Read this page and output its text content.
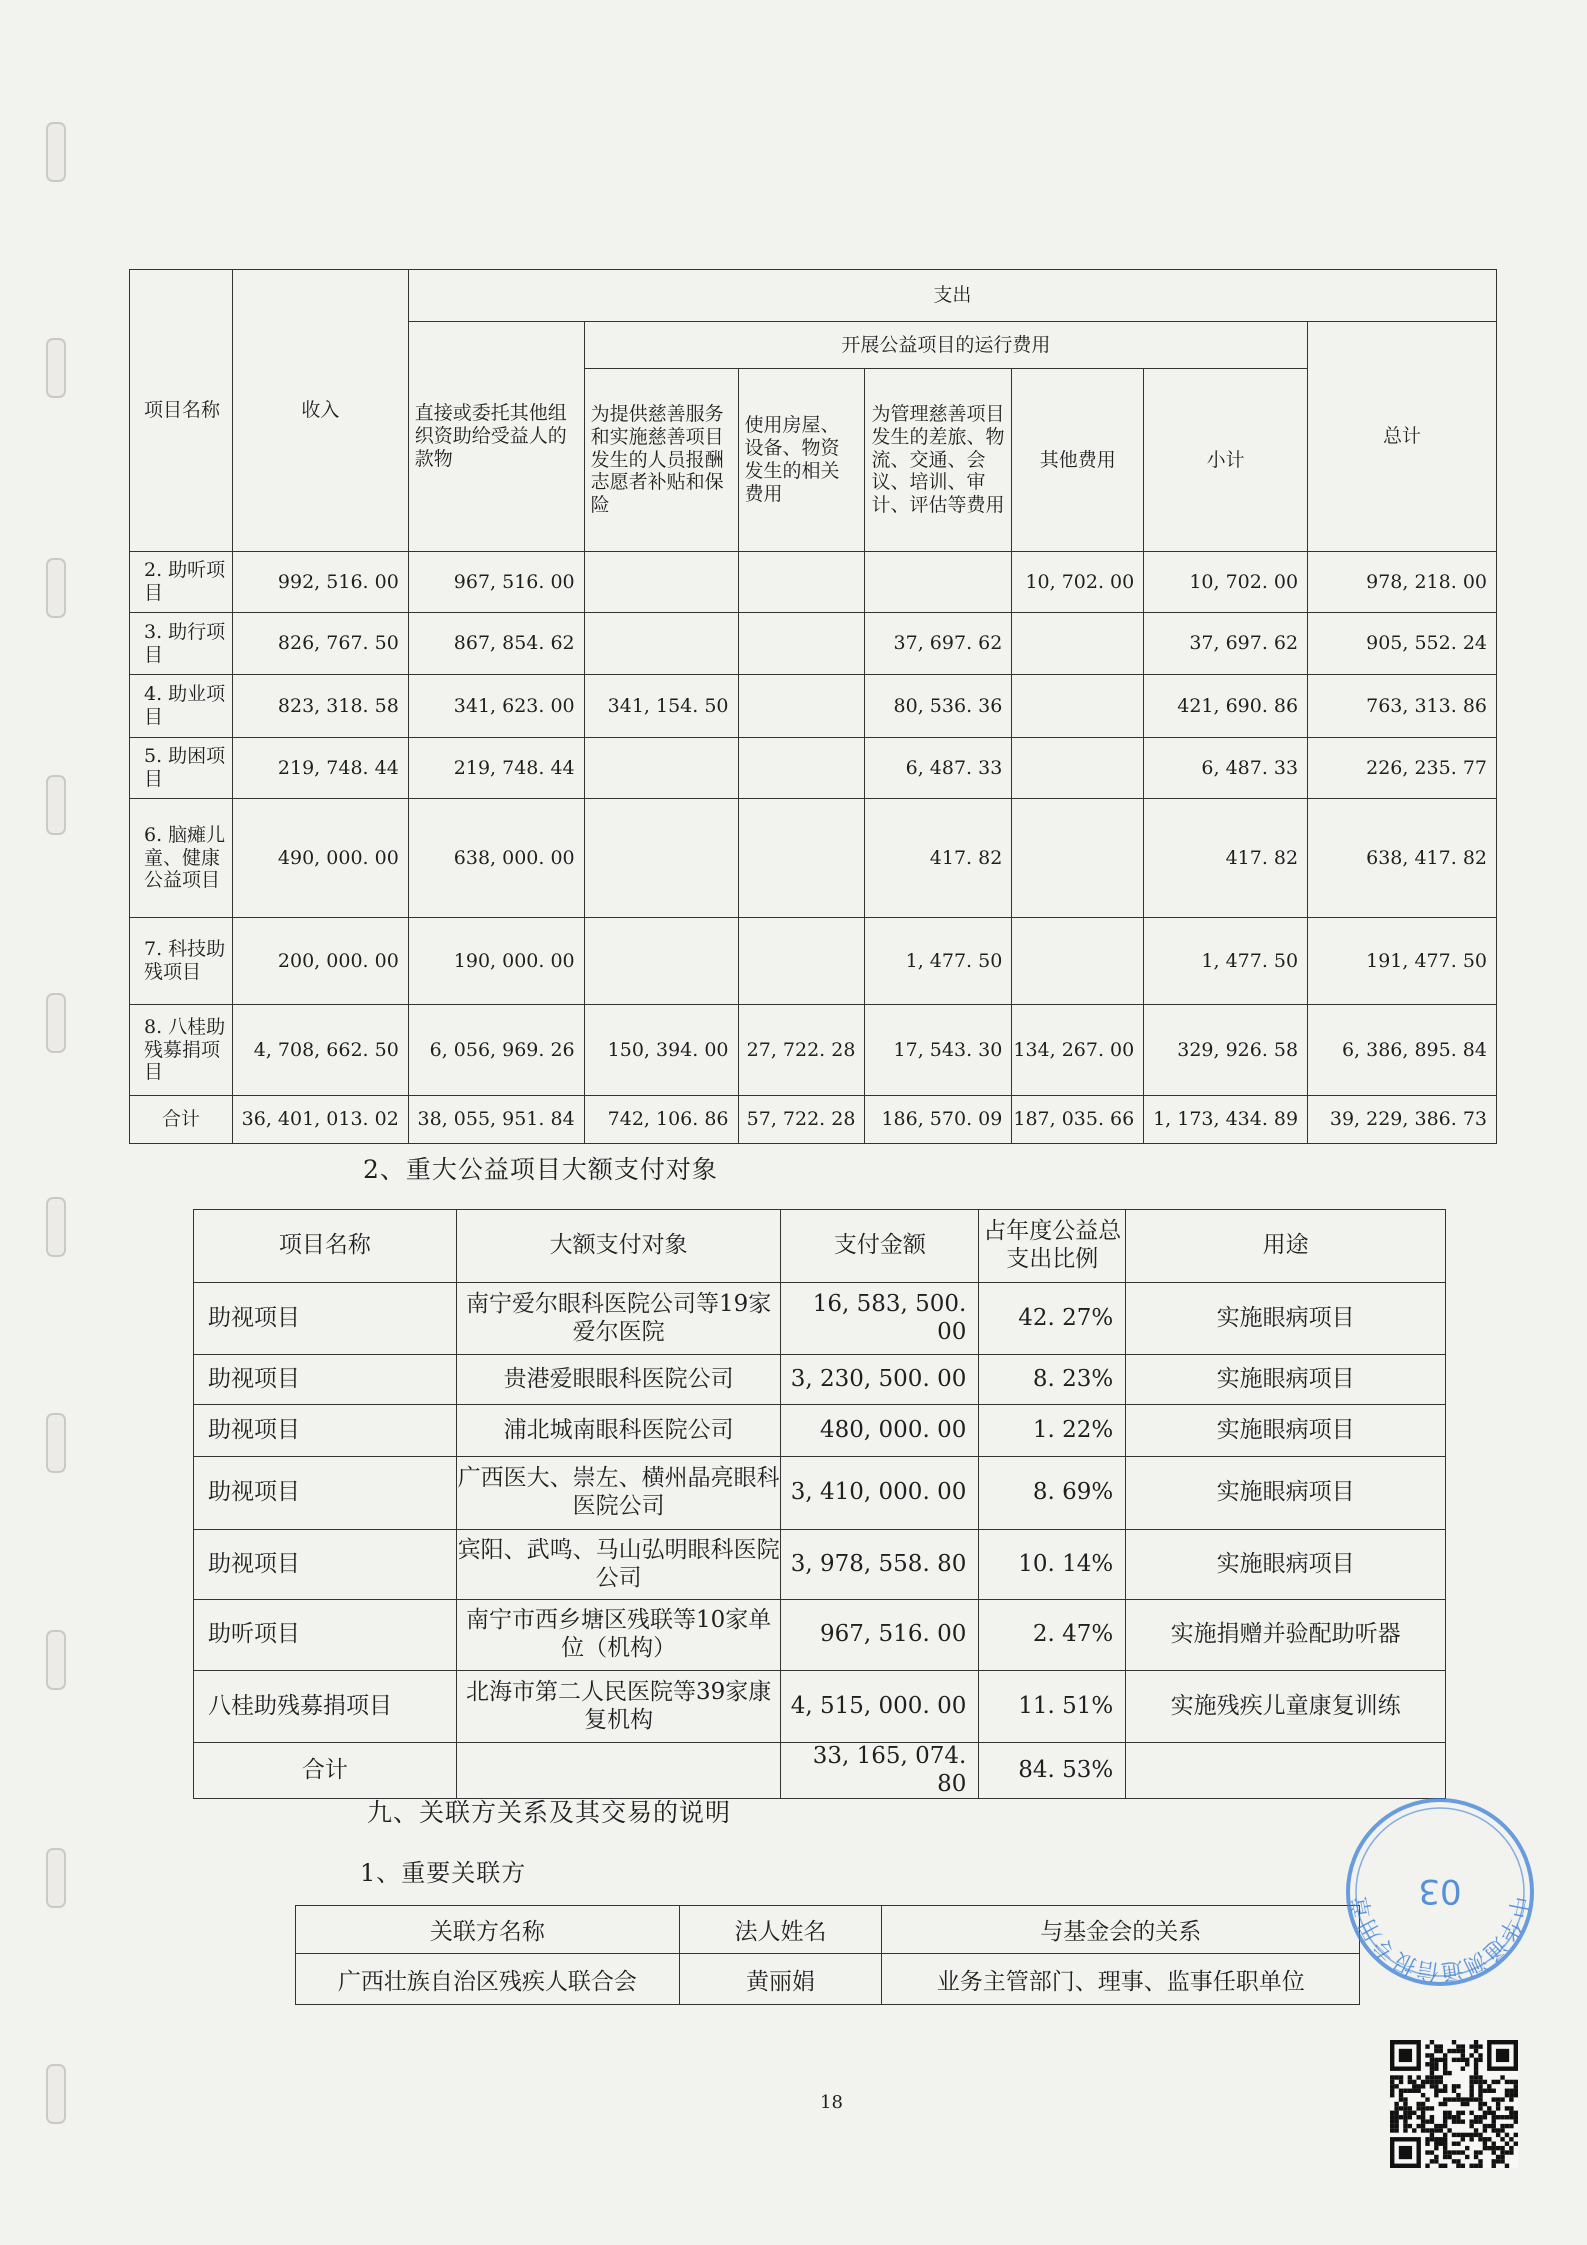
项目名称	收入	支出						
		直接或委托其他组织资助给受益人的款物	开展公益项目的运行费用					总计
			为提供慈善服务和实施慈善项目发生的人员报酬志愿者补贴和保险	使用房屋、设备、物资发生的相关费用	为管理慈善项目发生的差旅、物流、交通、会议、培训、审计、评估等费用	其他费用	小计	
2. 助听项目	992, 516. 00	967, 516. 00				10, 702. 00	10, 702. 00	978, 218. 00
3. 助行项目	826, 767. 50	867, 854. 62			37, 697. 62		37, 697. 62	905, 552. 24
4. 助业项目	823, 318. 58	341, 623. 00	341, 154. 50		80, 536. 36		421, 690. 86	763, 313. 86
5. 助困项目	219, 748. 44	219, 748. 44			6, 487. 33		6, 487. 33	226, 235. 77
6. 脑瘫儿童、健康公益项目	490, 000. 00	638, 000. 00			417. 82		417. 82	638, 417. 82
7. 科技助残项目	200, 000. 00	190, 000. 00			1, 477. 50		1, 477. 50	191, 477. 50
8. 八桂助残募捐项目	4, 708, 662. 50	6, 056, 969. 26	150, 394. 00	27, 722. 28	17, 543. 30	134, 267. 00	329, 926. 58	6, 386, 895. 84
合计	36, 401, 013. 02	38, 055, 951. 84	742, 106. 86	57, 722. 28	186, 570. 09	187, 035. 66	1, 173, 434. 89	39, 229, 386. 73
2、重大公益项目大额支付对象
项目名称	大额支付对象	支付金额	占年度公益总支出比例	用途
助视项目	南宁爱尔眼科医院公司等19家爱尔医院	16, 583, 500. 00	42. 27%	实施眼病项目
助视项目	贵港爱眼眼科医院公司	3, 230, 500. 00	8. 23%	实施眼病项目
助视项目	浦北城南眼科医院公司	480, 000. 00	1. 22%	实施眼病项目
助视项目	广西医大、崇左、横州晶亮眼科医院公司	3, 410, 000. 00	8. 69%	实施眼病项目
助视项目	宾阳、武鸣、马山弘明眼科医院公司	3, 978, 558. 80	10. 14%	实施眼病项目
助听项目	南宁市西乡塘区残联等10家单位（机构）	967, 516. 00	2. 47%	实施捐赠并验配助听器
八桂助残募捐项目	北海市第二人民医院等39家康复机构	4, 515, 000. 00	11. 51%	实施残疾儿童康复训练
合计		33, 165, 074. 80	84. 53%	
九、关联方关系及其交易的说明
1、重要关联方
关联方名称	法人姓名	与基金会的关系
广西壮族自治区残疾人联合会	黄丽娟	业务主管部门、理事、监事任职单位
18
中华通测通信报专用章	03
